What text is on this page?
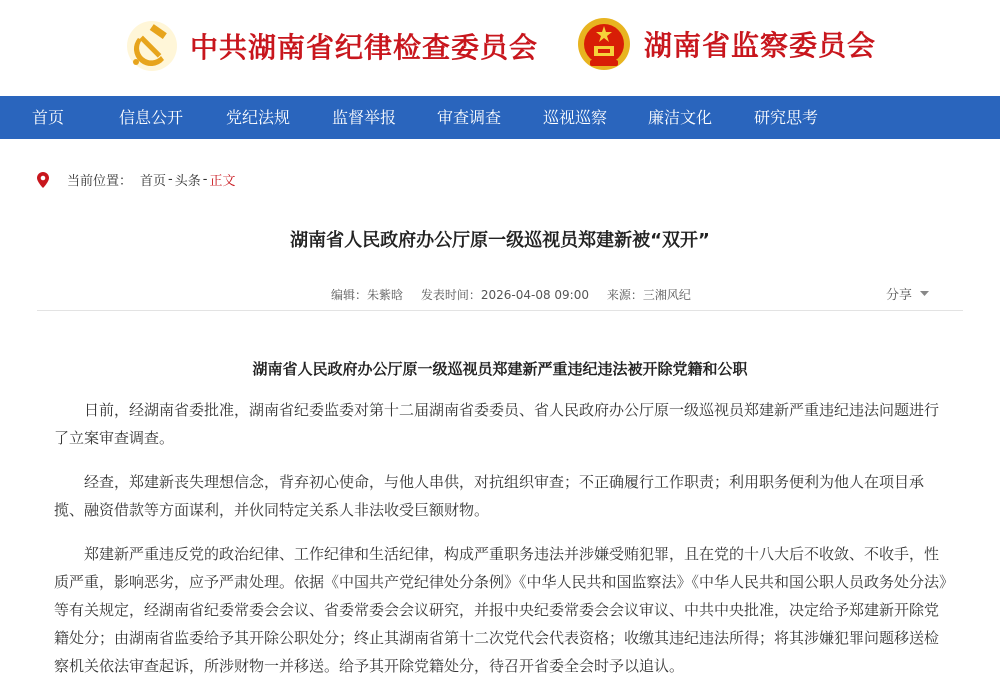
中共湖南省纪律检查委员会	湖南省监察委员会
首页	信息公开	党纪法规	监督举报	审查调查	巡视巡察	廉洁文化	研究思考
当前位置： 首页 - 头条 - 正文
湖南省人民政府办公厅原一级巡视员郑建新被“双开”
编辑：朱紫晗 发表时间：2026-04-08 09:00 来源：三湘风纪	分享
湖南省人民政府办公厅原一级巡视员郑建新严重违纪违法被开除党籍和公职

日前，经湖南省委批准，湖南省纪委监委对第十二届湖南省委委员、省人民政府办公厅原一级巡视员郑建新严重违纪违法问题进行了立案审查调查。

经查，郑建新丧失理想信念，背弃初心使命，与他人串供，对抗组织审查；不正确履行工作职责；利用职务便利为他人在项目承揽、融资借款等方面谋利，并伙同特定关系人非法收受巨额财物。

郑建新严重违反党的政治纪律、工作纪律和生活纪律，构成严重职务违法并涉嫌受贿犯罪，且在党的十八大后不收敛、不收手，性质严重，影响恶劣，应予严肃处理。依据《中国共产党纪律处分条例》《中华人民共和国监察法》《中华人民共和国公职人员政务处分法》等有关规定，经湖南省纪委常委会会议、省委常委会会议研究，并报中央纪委常委会会议审议、中共中央批准，决定给予郑建新开除党籍处分；由湖南省监委给予其开除公职处分；终止其湖南省第十二次党代会代表资格；收缴其违纪违法所得；将其涉嫌犯罪问题移送检察机关依法审查起诉，所涉财物一并移送。给予其开除党籍处分，待召开省委全会时予以追认。
